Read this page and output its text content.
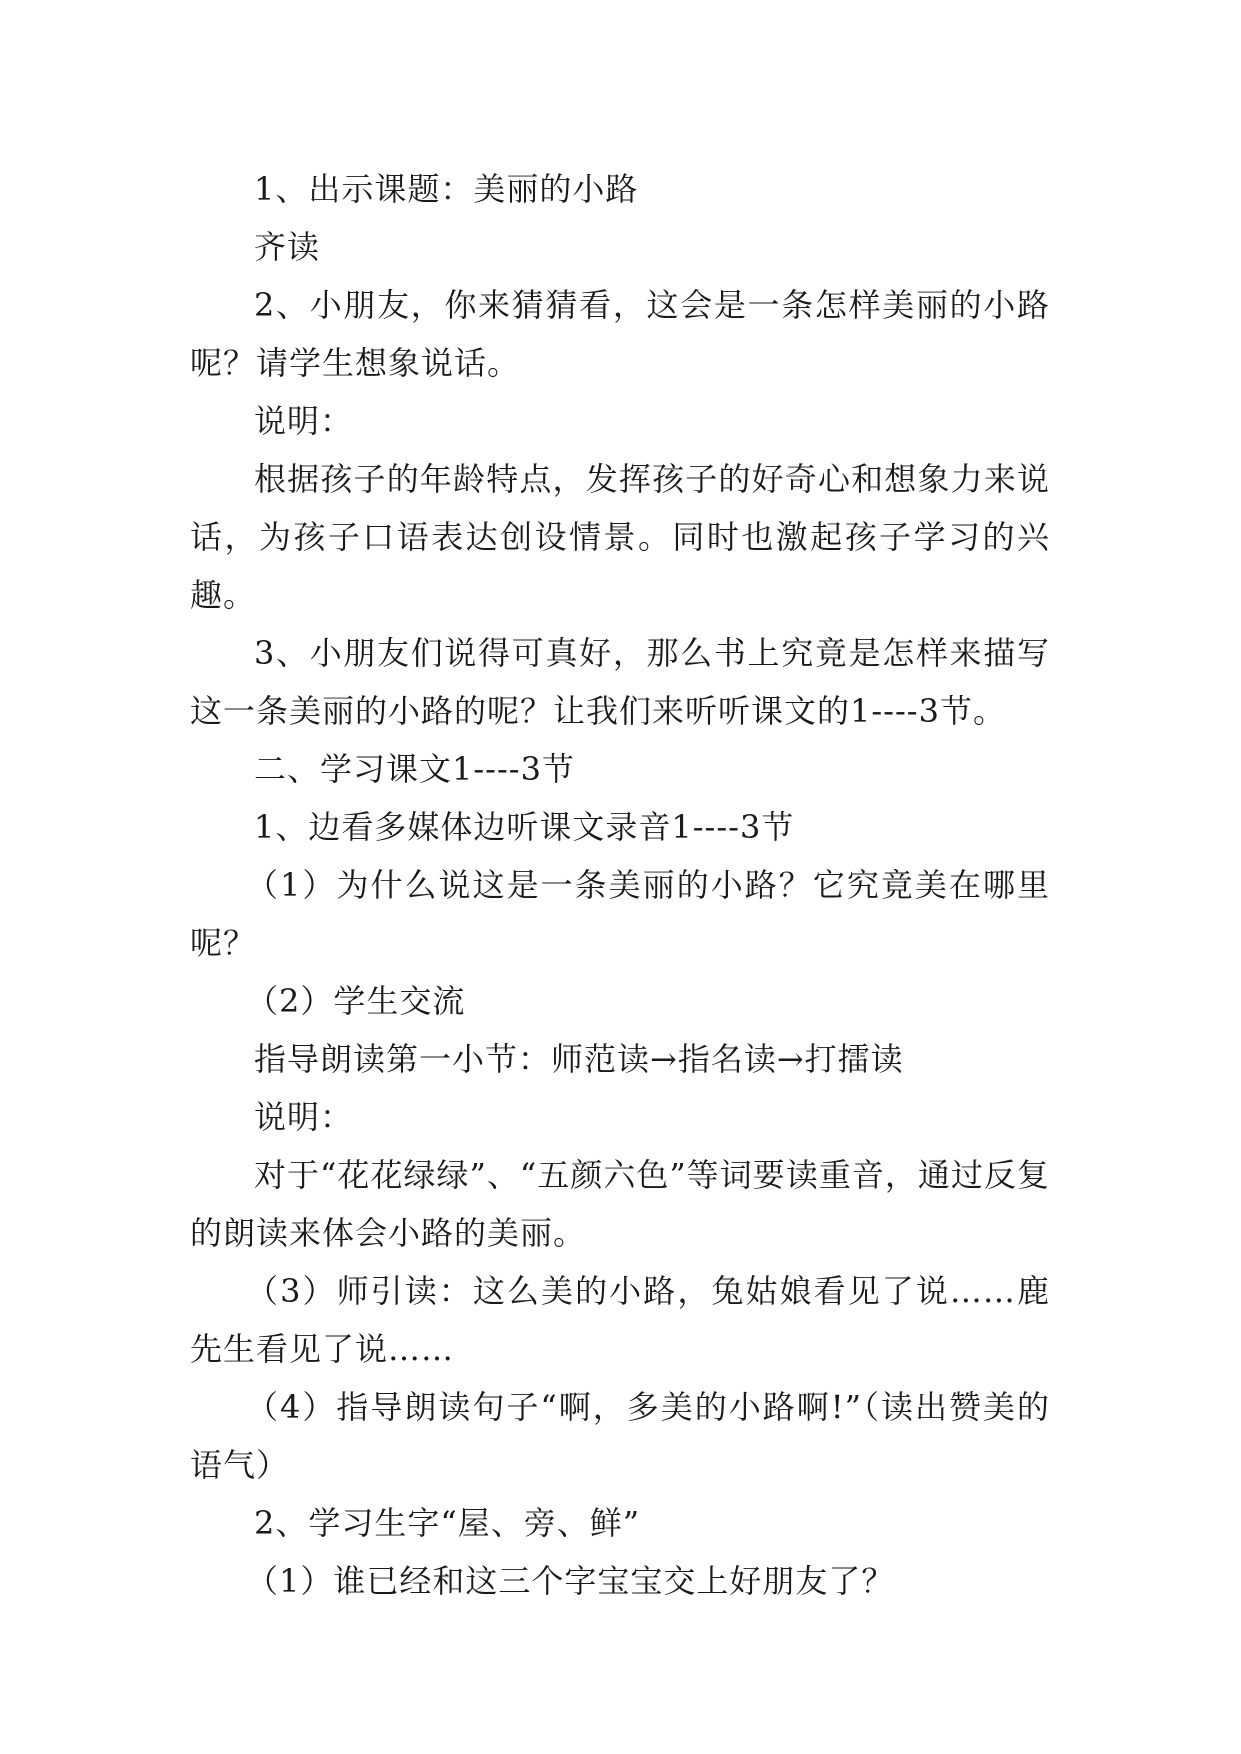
1、出示课题：美丽的小路

齐读

2、小朋友，你来猜猜看，这会是一条怎样美丽的小路呢？请学生想象说话。

说明：

根据孩子的年龄特点，发挥孩子的好奇心和想象力来说话，为孩子口语表达创设情景。同时也激起孩子学习的兴趣。

3、小朋友们说得可真好，那么书上究竟是怎样来描写这一条美丽的小路的呢？让我们来听听课文的1----3节。

二、学习课文1----3节

1、边看多媒体边听课文录音1----3节

（1）为什么说这是一条美丽的小路？它究竟美在哪里呢？

（2）学生交流

指导朗读第一小节：师范读→指名读→打擂读

说明：

对于“花花绿绿”、“五颜六色”等词要读重音，通过反复的朗读来体会小路的美丽。

（3）师引读：这么美的小路，兔姑娘看见了说……鹿先生看见了说……

（4）指导朗读句子“啊，多美的小路啊!”（读出赞美的语气）

2、学习生字“屋、旁、鲜”

（1）谁已经和这三个字宝宝交上好朋友了？
